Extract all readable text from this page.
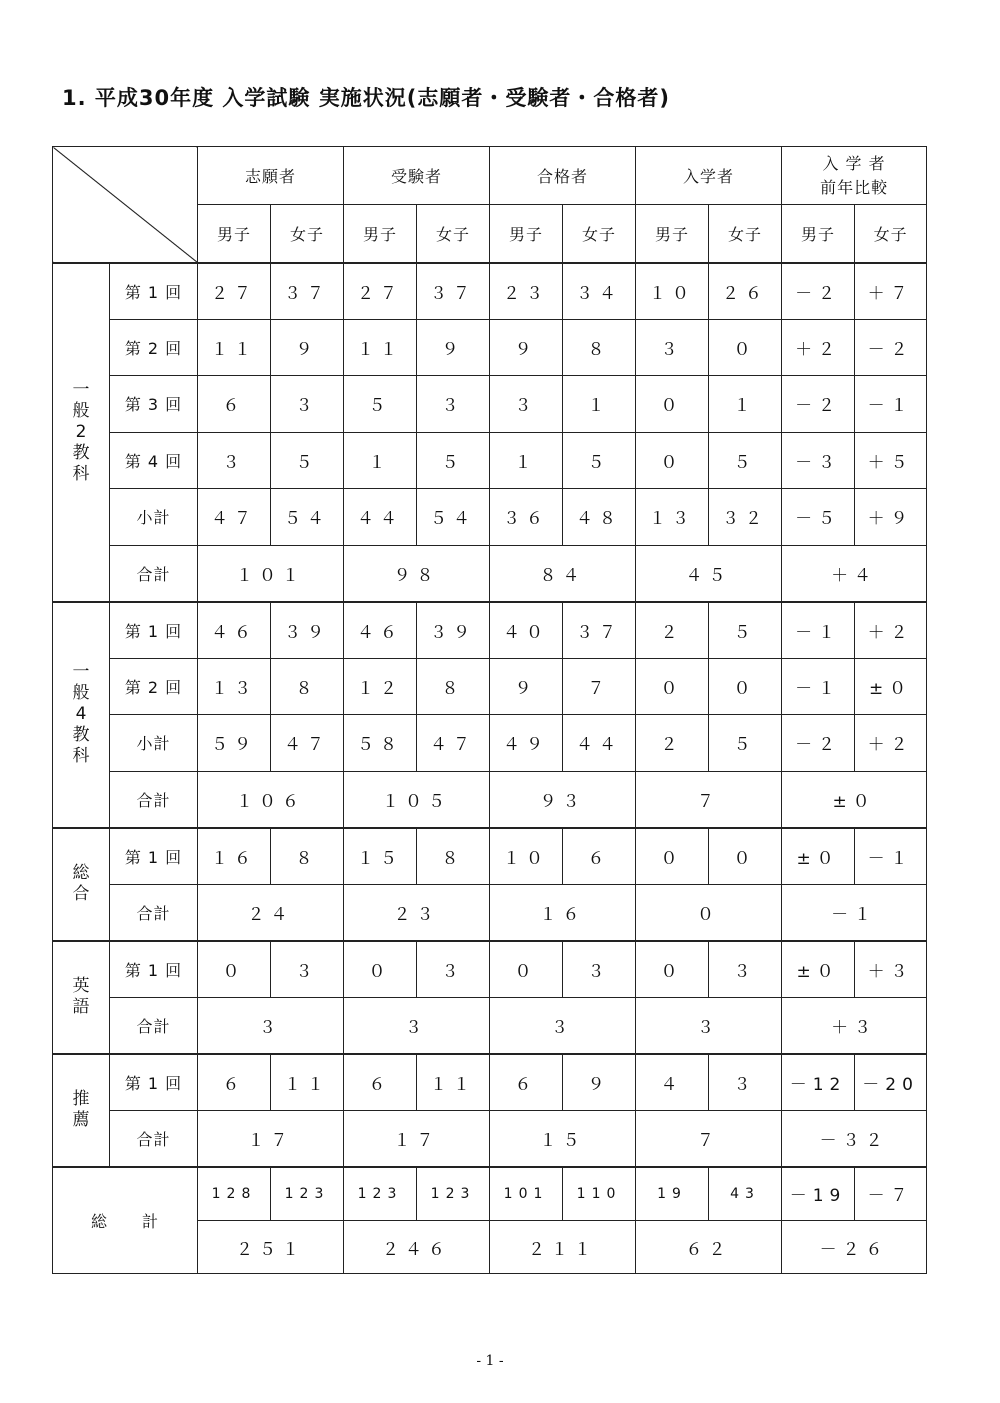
1. 平成30年度 入学試験 実施状況(志願者・受験者・合格者)
		志願者		受験者		合格者		入学者		入 学 者
前年比較	

		男子	女子	男子	女子	男子	女子	男子	女子	男子	女子

一
般
2
教
科	第 1 回	２７	３７	２７	３７	２３	３４	１０	２６	－２	＋７
	第 2 回	１１	９	１１	９	９	８	３	０	＋２	－２
	第 3 回	６	３	５	３	３	１	０	１	－２	－１
	第 4 回	３	５	１	５	１	５	０	５	－３	＋５
	小計	４７	５４	４４	５４	３６	４８	１３	３２	－５	＋９
	合計	１０１		９８		８４		４５		＋４	

一
般
4
教
科	第 1 回	４６	３９	４６	３９	４０	３７	２	５	－１	＋２
	第 2 回	１３	８	１２	８	９	７	０	０	－１	±０
	小計	５９	４７	５８	４７	４９	４４	２	５	－２	＋２
	合計	１０６		１０５		９３		７		±０	

総
合	第 1 回	１６	８	１５	８	１０	６	０	０	±０	－１
	合計	２４		２３		１６		０		－１	

英
語	第 1 回	０	３	０	３	０	３	０	３	±０	＋３
	合計	３		３		３		３		＋３	

推
薦	第 1 回	６	１１	６	１１	６	９	４	３	－12	－20
	合計	１７		１７		１５		７		－３２	
総　　計		128	123	123	123	101	110	19	43	－19	－７
		２５１		２４６		２１１		６２		－２６	

- 1 -
